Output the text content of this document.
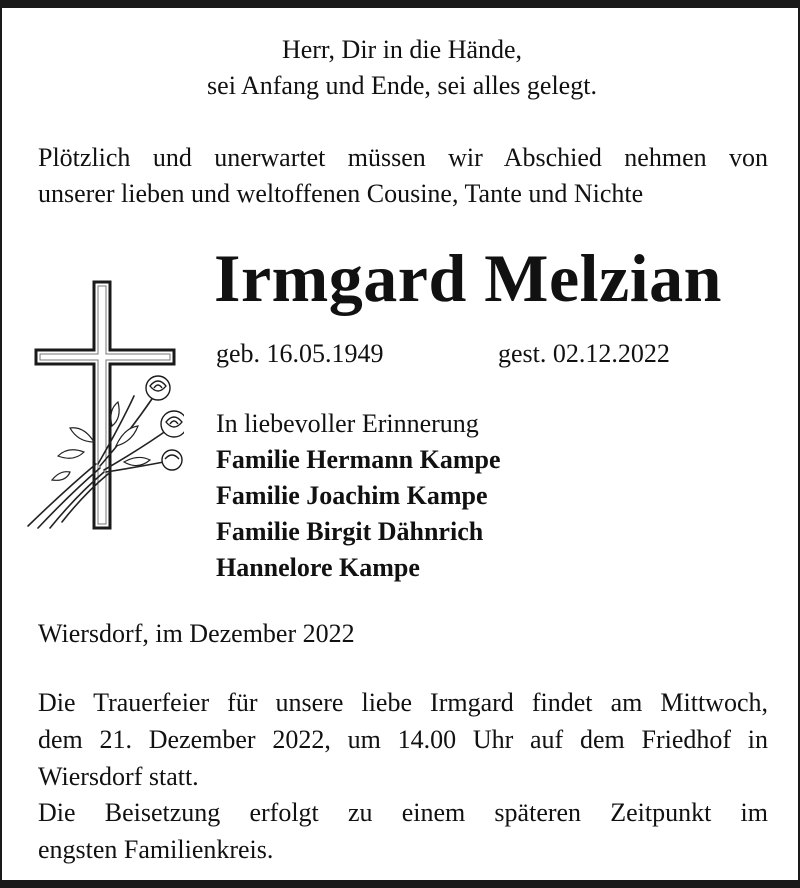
Herr, Dir in die Hände,
sei Anfang und Ende, sei alles gelegt.
Plötzlich und unerwartet müssen wir Abschied nehmen von
unserer lieben und weltoffenen Cousine, Tante und Nichte
Irmgard Melzian
geb. 16.05.1949	gest. 02.12.2022
In liebevoller Erinnerung
Familie Hermann Kampe
Familie Joachim Kampe
Familie Birgit Dähnrich
Hannelore Kampe
Wiersdorf, im Dezember 2022
Die Trauerfeier für unsere liebe Irmgard findet am Mittwoch,
dem 21. Dezember 2022, um 14.00 Uhr auf dem Friedhof in
Wiersdorf statt.
Die Beisetzung erfolgt zu einem späteren Zeitpunkt im
engsten Familienkreis.
